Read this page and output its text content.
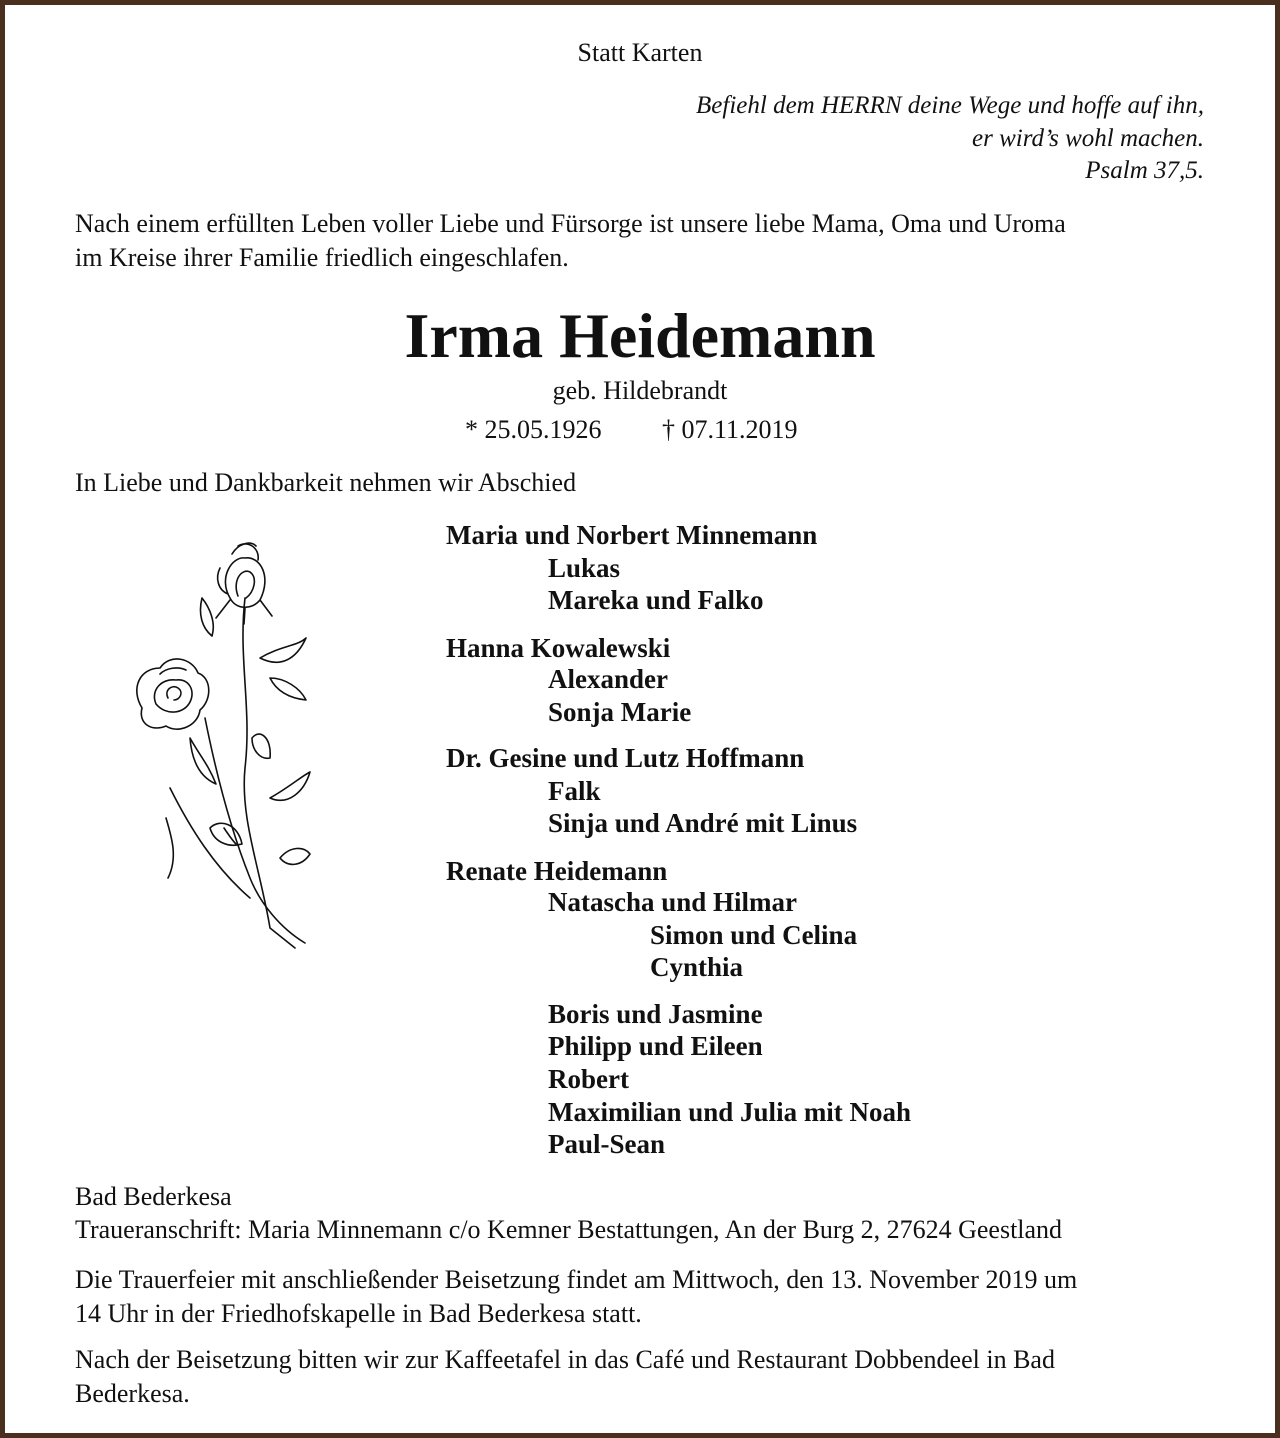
Statt Karten

Befiehl dem HERRN deine Wege und hoffe auf ihn,

er wird’s wohl machen.

Psalm 37,5.

Nach einem erfüllten Leben voller Liebe und Fürsorge ist unsere liebe Mama, Oma und Uroma

im Kreise ihrer Familie friedlich eingeschlafen.

Irma Heidemann

geb. Hildebrandt

* 25.05.1926 † 07.11.2019

In Liebe und Dankbarkeit nehmen wir Abschied

Maria und Norbert Minnemann

Lukas

Mareka und Falko

Hanna Kowalewski

Alexander

Sonja Marie

Dr. Gesine und Lutz Hoffmann

Falk

Sinja und André mit Linus

Renate Heidemann

Natascha und Hilmar

Simon und Celina

Cynthia

Boris und Jasmine

Philipp und Eileen

Robert

Maximilian und Julia mit Noah

Paul-Sean

Bad Bederkesa

Traueranschrift: Maria Minnemann c/o Kemner Bestattungen, An der Burg 2, 27624 Geestland

Die Trauerfeier mit anschließender Beisetzung findet am Mittwoch, den 13. November 2019 um

14 Uhr in der Friedhofskapelle in Bad Bederkesa statt.

Nach der Beisetzung bitten wir zur Kaffeetafel in das Café und Restaurant Dobbendeel in Bad

Bederkesa.
